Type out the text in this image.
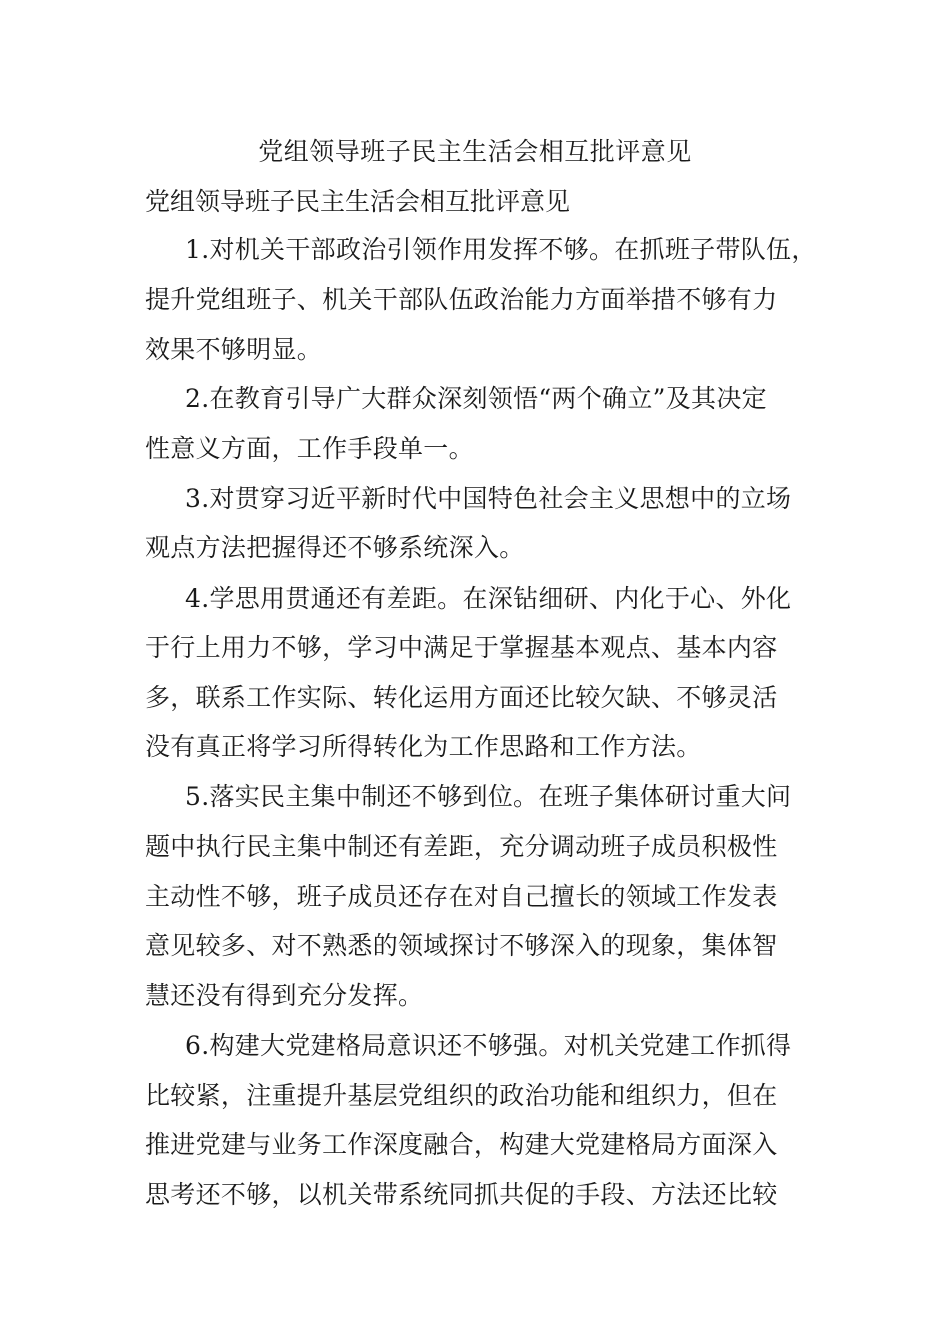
党组领导班子民主生活会相互批评意见
党组领导班子民主生活会相互批评意见
1.对机关干部政治引领作用发挥不够。在抓班子带队伍，
提升党组班子、机关干部队伍政治能力方面举措不够有力
效果不够明显。
2.在教育引导广大群众深刻领悟“两个确立”及其决定
性意义方面，工作手段单一。
3.对贯穿习近平新时代中国特色社会主义思想中的立场
观点方法把握得还不够系统深入。
4.学思用贯通还有差距。在深钻细研、内化于心、外化
于行上用力不够，学习中满足于掌握基本观点、基本内容
多，联系工作实际、转化运用方面还比较欠缺、不够灵活
没有真正将学习所得转化为工作思路和工作方法。
5.落实民主集中制还不够到位。在班子集体研讨重大问
题中执行民主集中制还有差距，充分调动班子成员积极性
主动性不够，班子成员还存在对自己擅长的领域工作发表
意见较多、对不熟悉的领域探讨不够深入的现象，集体智
慧还没有得到充分发挥。
6.构建大党建格局意识还不够强。对机关党建工作抓得
比较紧，注重提升基层党组织的政治功能和组织力，但在
推进党建与业务工作深度融合，构建大党建格局方面深入
思考还不够，以机关带系统同抓共促的手段、方法还比较
